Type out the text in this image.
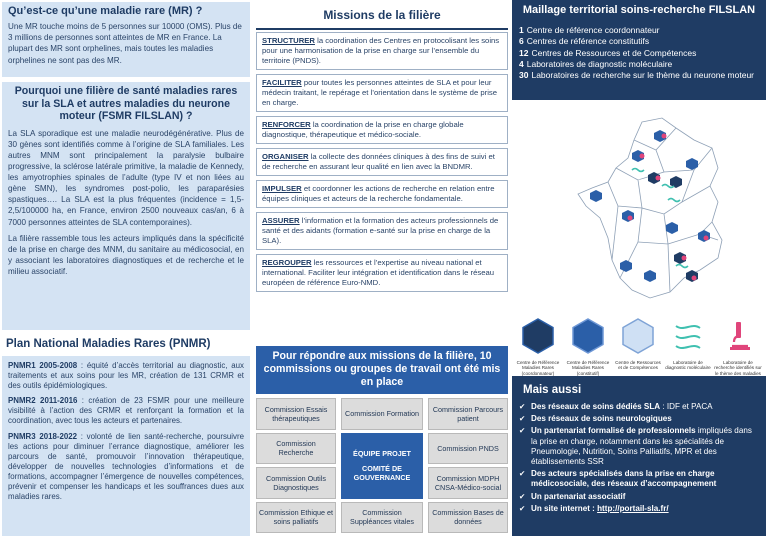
Qu’est-ce qu’une maladie rare (MR) ?

Une MR touche moins de 5 personnes sur 10000 (OMS). Plus de 3 millions de personnes sont atteintes de MR en France. La plupart des MR sont orphelines, mais toutes les maladies orphelines ne sont pas des MR.

Pourquoi une filière de santé maladies rares sur la SLA et autres maladies du neurone moteur (FSMR FILSLAN) ?

La SLA sporadique est une maladie neurodégénérative. Plus de 30 gènes sont identifiés comme à l’origine de SLA familiales. Les autres MNM sont principalement la paralysie bulbaire progressive, la sclérose latérale primitive, la maladie de Kennedy, les amyotrophies spinales de l’adulte (type IV et non liées au gène SMN), les syndromes post-polio, les paraparésies spastiques…. La SLA est la plus fréquentes (incidence = 1,5-2,5/100000 ha, en France, environ 2500 nouveaux cas/an, 6 à 7000 personnes atteintes de SLA contemporaines).

La filière rassemble tous les acteurs impliqués dans la spécificité de la prise en charge des MNM, du sanitaire au médicosocial, en y associant les laboratoires diagnostiques et de recherche et le milieu associatif.

Plan National Maladies Rares (PNMR)

PNMR1 2005-2008 : équité d’accès territorial au diagnostic, aux traitements et aux soins pour les MR, création de 131 CRMR et des outils épidémiologiques.

PNMR2 2011-2016 : création de 23 FSMR pour une meilleure visibilité à l’action des CRMR et renforçant la formation et la coordination, avec tous les acteurs et partenaires.

PNMR3 2018-2022 : volonté de lien santé-recherche, poursuivre les actions pour diminuer l’errance diagnostique, améliorer les parcours de santé, promouvoir l’innovation thérapeutique, développer de nouvelles technologies d’informations et de formations, accompagner l’émergence de nouvelles compétences, prévenir et compenser les handicaps et les souffrances dues aux maladies rares.

Missions de la filière
STRUCTURER la coordination des Centres en protocolisant les soins pour une harmonisation de la prise en charge sur l’ensemble du territoire (PNDS).
FACILITER pour toutes les personnes atteintes de SLA et pour leur médecin traitant, le repérage et l’orientation dans le système de prise en charge.
RENFORCER la coordination de la prise en charge globale diagnostique, thérapeutique et médico-sociale.
ORGANISER la collecte des données cliniques à des fins de suivi et de recherche en assurant leur qualité en lien avec la BNDMR.
IMPULSER et coordonner les actions de recherche en relation entre équipes cliniques et acteurs de la recherche fondamentale.
ASSURER l’information et la formation des acteurs professionnels de santé et des aidants (formation e-santé sur la prise en charge de la SLA).
REGROUPER les ressources et l’expertise au niveau national et international. Faciliter leur intégration et identification dans le réseau européen de référence Euro-NMD.
Pour répondre aux missions de la filière, 10 commissions ou groupes de travail ont été mis en place
Commission Essais thérapeutiques	Commission Formation	Commission Parcours patient
Commission Recherche	ÉQUIPE PROJET
COMITÉ DE GOUVERNANCE
Commission PNDS
Commission Outils Diagnostiques
Commission MDPH CNSA-Médico-social
Commission Ethique et soins palliatifs
Commission Suppléances vitales
Commission Bases de données
Maillage territorial soins-recherche FILSLAN
1 Centre de référence coordonnateur
6 Centres de référence constitutifs
12 Centres de Ressources et de Compétences
4 Laboratoires de diagnostic moléculaire
30 Laboratoires de recherche sur le thème du neurone moteur
Centre de Référence Maladies Rares (coordonnateur)
Centre de Référence Maladies Rares (constitutif)
Centre de Ressources et de Compétences
Laboratoire de diagnostic moléculaire
Laboratoire de recherche identifiés sur le thème des maladies
Mais aussi
✔ Des réseaux de soins dédiés SLA : IDF et PACA
✔ Des réseaux de soins neurologiques
✔ Un partenariat formalisé de professionnels impliqués dans la prise en charge, notamment dans les spécialités de Pneumologie, Nutrition, Soins Palliatifs, MPR et des établissements SSR
✔ Des acteurs spécialisés dans la prise en charge médicosociale, des réseaux d’accompagnement
✔ Un partenariat associatif
✔ Un site internet : http://portail-sla.fr/
